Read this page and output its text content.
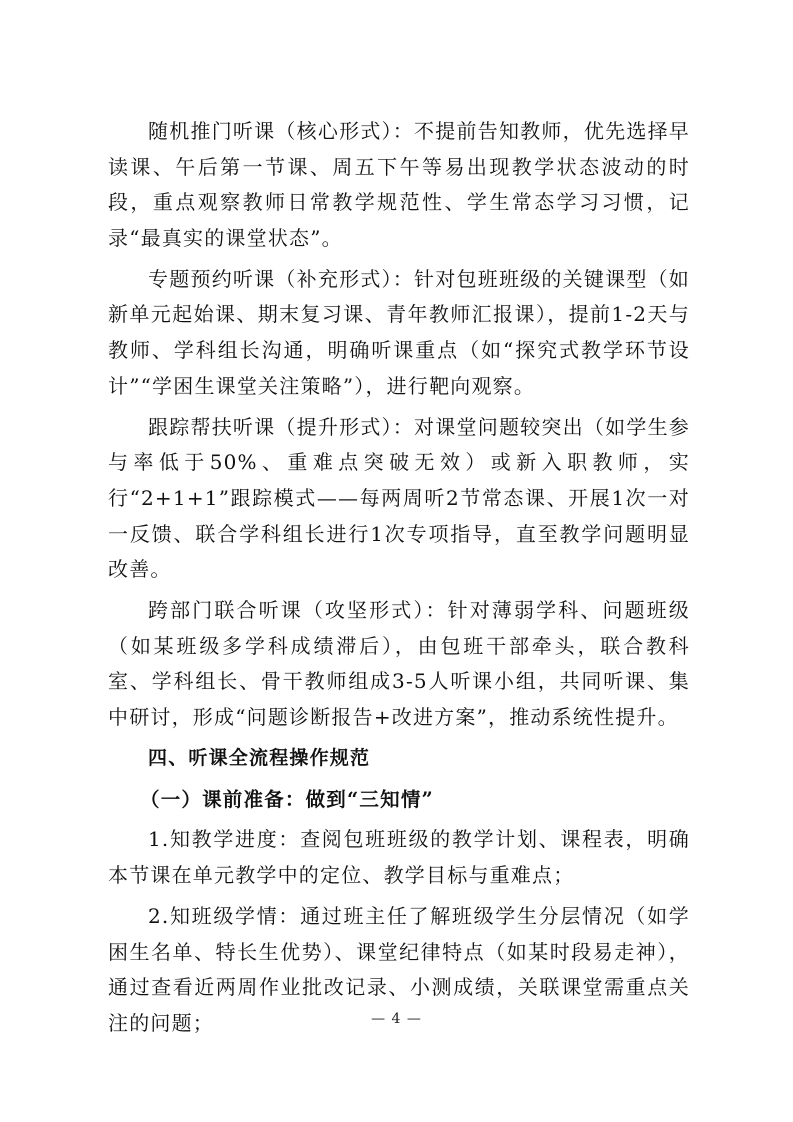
随机推门听课（核心形式）：不提前告知教师，优先选择早读课、午后第一节课、周五下午等易出现教学状态波动的时段，重点观察教师日常教学规范性、学生常态学习习惯，记录“最真实的课堂状态”。

专题预约听课（补充形式）：针对包班班级的关键课型（如新单元起始课、期末复习课、青年教师汇报课），提前1-2天与教师、学科组长沟通，明确听课重点（如“探究式教学环节设计”“学困生课堂关注策略”），进行靶向观察。

跟踪帮扶听课（提升形式）：对课堂问题较突出（如学生参与率低于50%、重难点突破无效）或新入职教师，实行“2+1+1”跟踪模式——每两周听2节常态课、开展1次一对一反馈、联合学科组长进行1次专项指导，直至教学问题明显改善。

跨部门联合听课（攻坚形式）：针对薄弱学科、问题班级（如某班级多学科成绩滞后），由包班干部牵头，联合教科室、学科组长、骨干教师组成3-5人听课小组，共同听课、集中研讨，形成“问题诊断报告+改进方案”，推动系统性提升。

四、听课全流程操作规范

（一）课前准备：做到“三知情”

1.知教学进度：查阅包班班级的教学计划、课程表，明确本节课在单元教学中的定位、教学目标与重难点；

2.知班级学情：通过班主任了解班级学生分层情况（如学困生名单、特长生优势）、课堂纪律特点（如某时段易走神），通过查看近两周作业批改记录、小测成绩，关联课堂需重点关注的问题；	— 4 —
